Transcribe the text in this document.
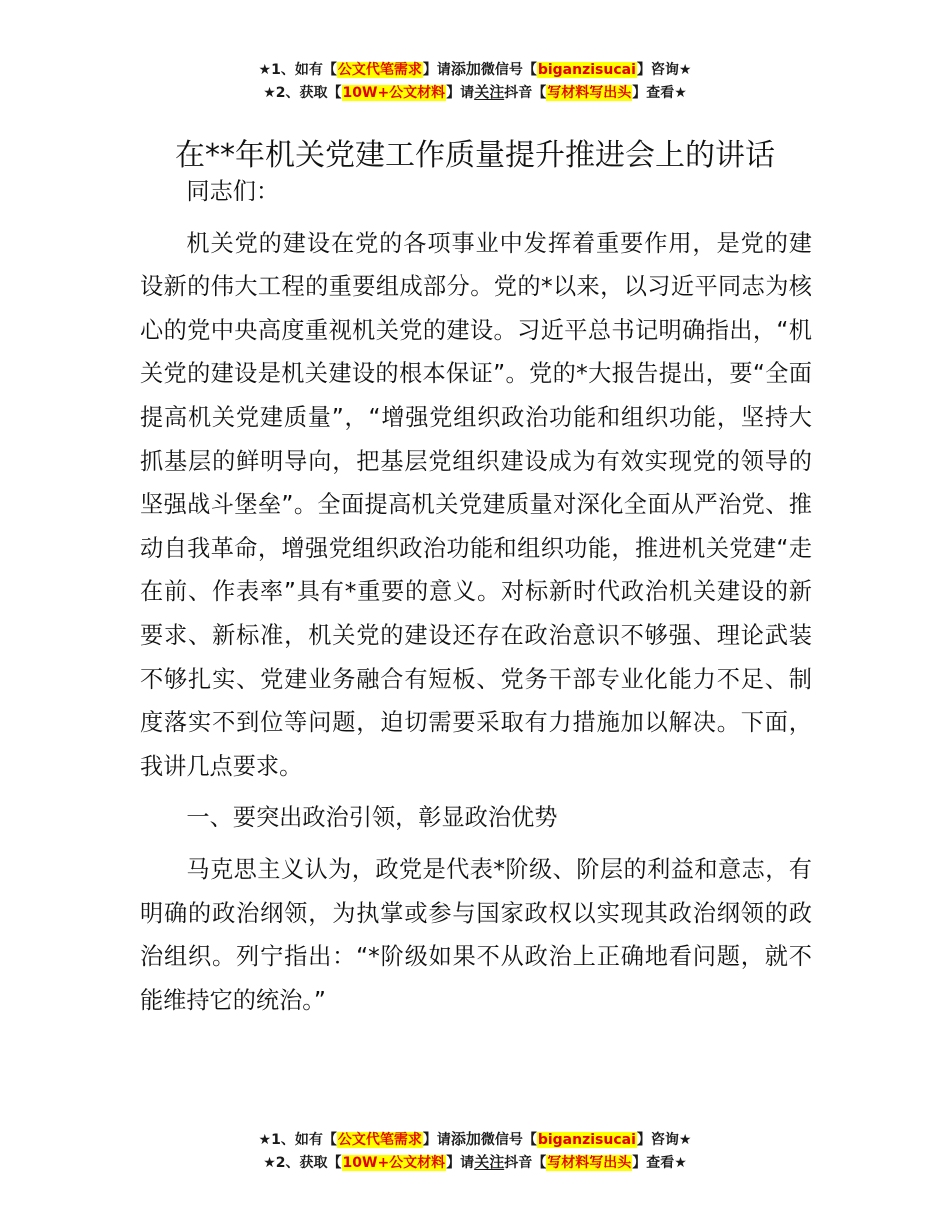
★1、如有【公文代笔需求】请添加微信号【biganzisucai】咨询★
★2、获取【10W+公文材料】请关注抖音【写材料写出头】查看★
在**年机关党建工作质量提升推进会上的讲话

同志们：

机关党的建设在党的各项事业中发挥着重要作用，是党的建设新的伟大工程的重要组成部分。党的*以来，以习近平同志为核心的党中央高度重视机关党的建设。习近平总书记明确指出，“机关党的建设是机关建设的根本保证”。党的*大报告提出，要“全面提高机关党建质量”，“增强党组织政治功能和组织功能，坚持大抓基层的鲜明导向，把基层党组织建设成为有效实现党的领导的坚强战斗堡垒”。全面提高机关党建质量对深化全面从严治党、推动自我革命，增强党组织政治功能和组织功能，推进机关党建“走在前、作表率”具有*重要的意义。对标新时代政治机关建设的新要求、新标准，机关党的建设还存在政治意识不够强、理论武装不够扎实、党建业务融合有短板、党务干部专业化能力不足、制度落实不到位等问题，迫切需要采取有力措施加以解决。下面，我讲几点要求。

一、要突出政治引领，彰显政治优势

马克思主义认为，政党是代表*阶级、阶层的利益和意志，有明确的政治纲领，为执掌或参与国家政权以实现其政治纲领的政治组织。列宁指出：“*阶级如果不从政治上正确地看问题，就不能维持它的统治。”

★1、如有【公文代笔需求】请添加微信号【biganzisucai】咨询★
★2、获取【10W+公文材料】请关注抖音【写材料写出头】查看★
